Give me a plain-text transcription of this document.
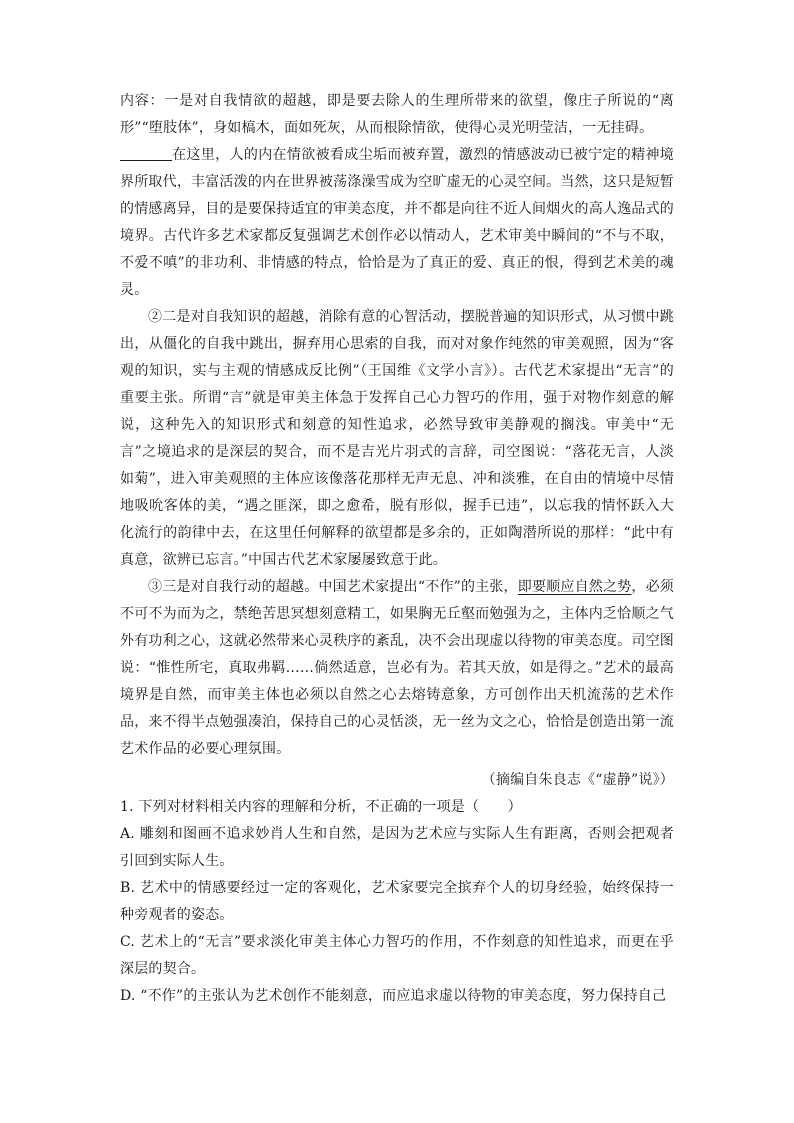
内容：一是对自我情欲的超越，即是要去除人的生理所带来的欲望，像庄子所说的“离形”“堕肢体”，身如槁木，面如死灰，从而根除情欲，使得心灵光明莹洁，一无挂碍。

在这里，人的内在情欲被看成尘垢而被弃置，激烈的情感波动已被宁定的精神境界所取代，丰富活泼的内在世界被荡涤澡雪成为空旷虚无的心灵空间。当然，这只是短暂的情感离异，目的是要保持适宜的审美态度，并不都是向往不近人间烟火的高人逸品式的境界。古代许多艺术家都反复强调艺术创作必以情动人，艺术审美中瞬间的“不与不取，不爱不嗔”的非功利、非情感的特点，恰恰是为了真正的爱、真正的恨，得到艺术美的魂灵。

②二是对自我知识的超越，消除有意的心智活动，摆脱普遍的知识形式，从习惯中跳出，从僵化的自我中跳出，摒弃用心思索的自我，而对对象作纯然的审美观照，因为“客观的知识，实与主观的情感成反比例”（王国维《文学小言》）。古代艺术家提出“无言”的重要主张。所谓“言”就是审美主体急于发挥自己心力智巧的作用，强于对物作刻意的解说，这种先入的知识形式和刻意的知性追求，必然导致审美静观的搁浅。审美中“无言”之境追求的是深层的契合，而不是吉光片羽式的言辞，司空图说：“落花无言，人淡如菊”，进入审美观照的主体应该像落花那样无声无息、冲和淡雅，在自由的情境中尽情地吸吮客体的美，“遇之匪深，即之愈希，脱有形似，握手已违”，以忘我的情怀跃入大化流行的韵律中去，在这里任何解释的欲望都是多余的，正如陶潜所说的那样：“此中有真意，欲辨已忘言。”中国古代艺术家屡屡致意于此。

③三是对自我行动的超越。中国艺术家提出“不作”的主张，即要顺应自然之势，必须不可不为而为之，禁绝苦思冥想刻意精工，如果胸无丘壑而勉强为之，主体内乏恰顺之气外有功利之心，这就必然带来心灵秩序的紊乱，决不会出现虚以待物的审美态度。司空图说：“惟性所宅，真取弗羁……倘然适意，岂必有为。若其天放，如是得之。”艺术的最高境界是自然，而审美主体也必须以自然之心去熔铸意象，方可创作出天机流荡的艺术作品，来不得半点勉强凑泊，保持自己的心灵恬淡，无一丝为文之心，恰恰是创造出第一流艺术作品的必要心理氛围。

（摘编自朱良志《“虚静”说》）

1. 下列对材料相关内容的理解和分析，不正确的一项是（　　）

A. 雕刻和图画不追求妙肖人生和自然，是因为艺术应与实际人生有距离，否则会把观者引回到实际人生。

B. 艺术中的情感要经过一定的客观化，艺术家要完全摈弃个人的切身经验，始终保持一种旁观者的姿态。

C. 艺术上的“无言”要求淡化审美主体心力智巧的作用，不作刻意的知性追求，而更在乎深层的契合。

D. “不作”的主张认为艺术创作不能刻意，而应追求虚以待物的审美态度，努力保持自己
